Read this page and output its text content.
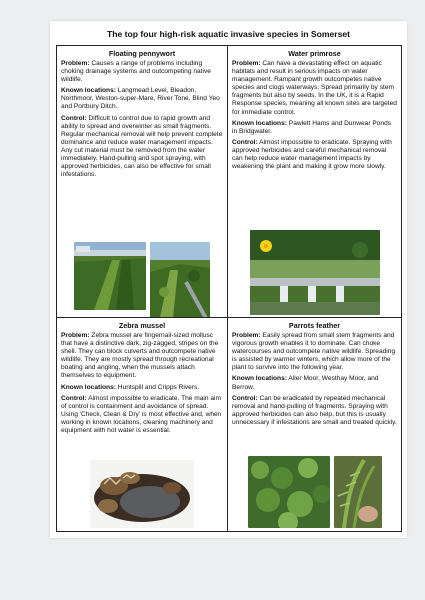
The top four high-risk aquatic invasive species in Somerset
Floating pennywort

Problem: Causes a range of problems including choking drainage systems and outcompeting native wildlife.

Known locations: Langmead Level, Bleadon, Northmoor, Weston-super-Mare, River Tone, Blind Yeo and Portbury Ditch.

Control: Difficult to control due to rapid growth and ability to spread and overwinter as small fragments. Regular mechanical removal will help prevent complete dominance and reduce water management impacts. Any cut material must be removed from the water immediately. Hand-pulling and spot spraying, with approved herbicides, can also be effective for small infestations.

Water primrose

Problem: Can have a devastating effect on aquatic habitats and result in serious impacts on water management. Rampant growth outcompetes native species and clogs waterways. Spread primarily by stem fragments but also by seeds. In the UK, it is a Rapid Response species, meaning all known sites are targeted for immediate control.

Known locations: Pawlett Hams and Dunwear Ponds in Bridgwater.

Control: Almost impossible to eradicate. Spraying with approved herbicides and careful mechanical removal can help reduce water management impacts by weakening the plant and making it grow more slowly.

Zebra mussel

Problem: Zebra mussel are fingernail-sized mollusc that have a distinctive dark, zig-zagged, stripes on the shell. They can block culverts and outcompete native wildlife. They are mostly spread through recreational boating and angling, when the mussels attach themselves to equipment.

Known locations: Huntspill and Cripps Rivers.

Control: Almost impossible to eradicate. The main aim of control is containment and avoidance of spread. Using 'Check, Clean & Dry' is most effective and, when working in known locations, cleaning machinery and equipment with hot water is essential.

Parrots feather

Problem: Easily spread from small stem fragments and vigorous growth enables it to dominate. Can choke watercourses and outcompete native wildlife. Spreading is assisted by warmer winters, which allow more of the plant to survive into the following year.

Known locations: Aller Moor, Westhay Moor, and Berrow.

Control: Can be eradicated by repeated mechanical removal and hand-pulling of fragments. Spraying with approved herbicides can also help, but this is usually unnecessary if infestations are small and treated quickly.
